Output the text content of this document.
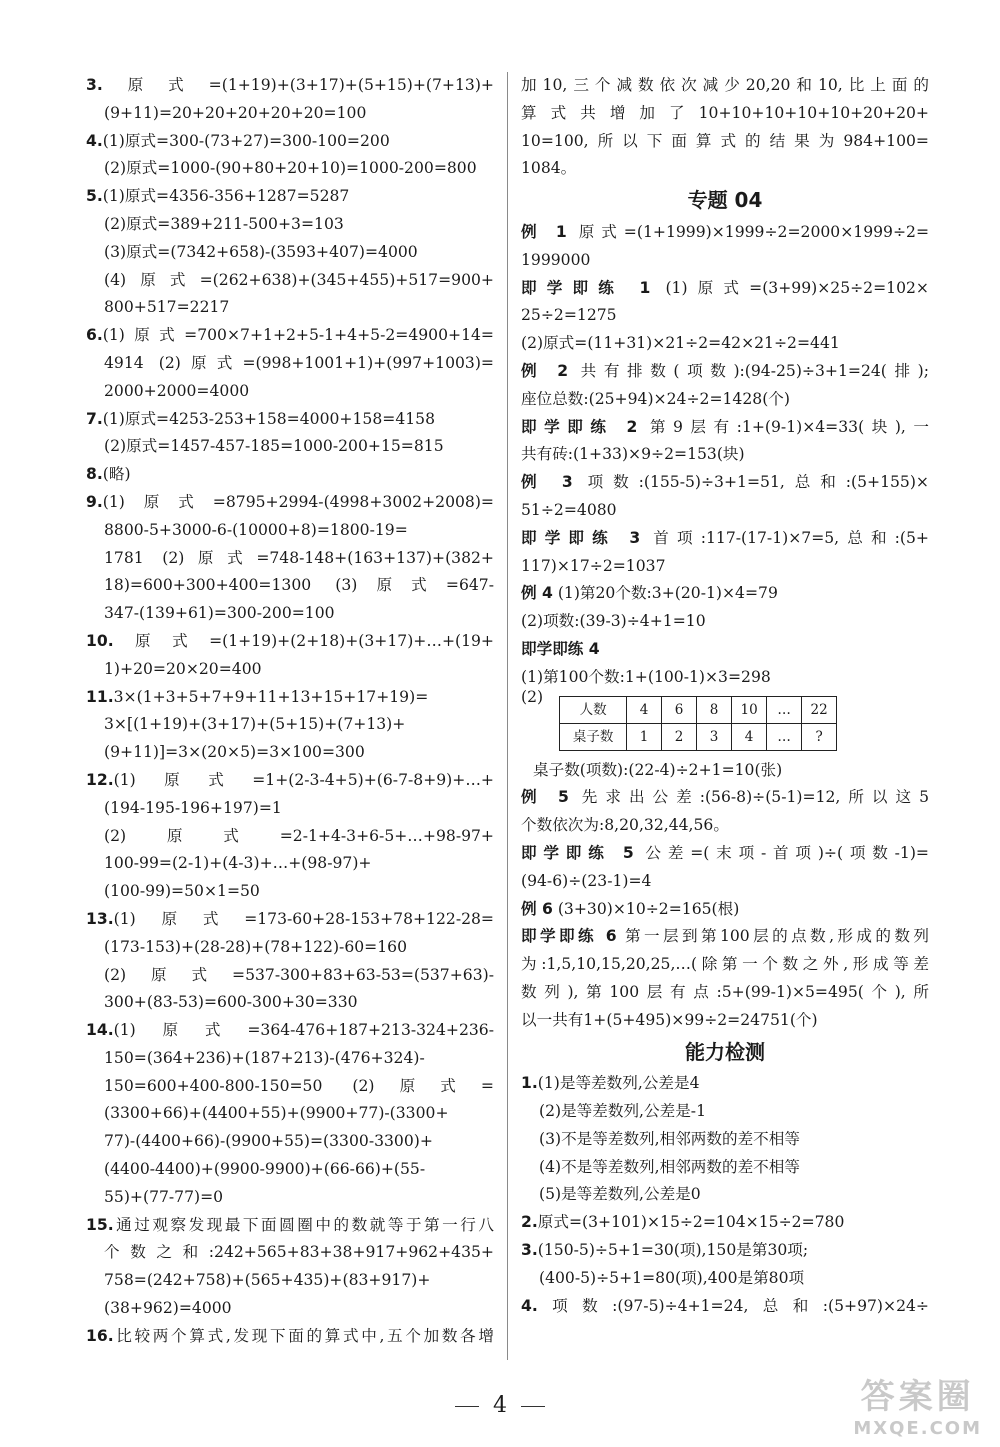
3.原式=(1+19)+(3+17)+(5+15)+(7+13)+
(9+11)=20+20+20+20+20=100
4.(1)原式=300-(73+27)=300-100=200
(2)原式=1000-(90+80+20+10)=1000-200=800
5.(1)原式=4356-356+1287=5287
(2)原式=389+211-500+3=103
(3)原式=(7342+658)-(3593+407)=4000
(4)原式=(262+638)+(345+455)+517=900+
800+517=2217
6.(1)原式=700×7+1+2+5-1+4+5-2=4900+14=
4914 (2)原式=(998+1001+1)+(997+1003)=
2000+2000=4000
7.(1)原式=4253-253+158=4000+158=4158
(2)原式=1457-457-185=1000-200+15=815
8.(略)
9.(1)原式=8795+2994-(4998+3002+2008)=
8800-5+3000-6-(10000+8)=1800-19=
1781 (2)原式=748-148+(163+137)+(382+
18)=600+300+400=1300 (3)原式=647-
347-(139+61)=300-200=100
10.原式=(1+19)+(2+18)+(3+17)+…+(19+
1)+20=20×20=400
11.3×(1+3+5+7+9+11+13+15+17+19)=
3×[(1+19)+(3+17)+(5+15)+(7+13)+
(9+11)]=3×(20×5)=3×100=300
12.(1)原式=1+(2-3-4+5)+(6-7-8+9)+…+
(194-195-196+197)=1
(2)原式=2-1+4-3+6-5+…+98-97+
100-99=(2-1)+(4-3)+…+(98-97)+
(100-99)=50×1=50
13.(1)原式=173-60+28-153+78+122-28=
(173-153)+(28-28)+(78+122)-60=160
(2)原式=537-300+83+63-53=(537+63)-
300+(83-53)=600-300+30=330
14.(1)原式=364-476+187+213-324+236-
150=(364+236)+(187+213)-(476+324)-
150=600+400-800-150=50 (2)原式=
(3300+66)+(4400+55)+(9900+77)-(3300+
77)-(4400+66)-(9900+55)=(3300-3300)+
(4400-4400)+(9900-9900)+(66-66)+(55-
55)+(77-77)=0
15.通过观察发现最下面圆圈中的数就等于第一行八
个数之和:242+565+83+38+917+962+435+
758=(242+758)+(565+435)+(83+917)+
(38+962)=4000
16.比较两个算式,发现下面的算式中,五个加数各增
加10,三个减数依次减少20,20和10,比上面的
算式共增加了10+10+10+10+10+20+20+
10=100,所以下面算式的结果为984+100=
1084。
专题 04
例 1 原式=(1+1999)×1999÷2=2000×1999÷2=
1999000
即学即练 1 (1)原式=(3+99)×25÷2=102×
25÷2=1275
(2)原式=(11+31)×21÷2=42×21÷2=441
例 2 共有排数(项数):(94-25)÷3+1=24(排);
座位总数:(25+94)×24÷2=1428(个)
即学即练 2 第9层有:1+(9-1)×4=33(块),一
共有砖:(1+33)×9÷2=153(块)
例 3 项数:(155-5)÷3+1=51,总和:(5+155)×
51÷2=4080
即学即练 3 首项:117-(17-1)×7=5,总和:(5+
117)×17÷2=1037
例 4 (1)第20个数:3+(20-1)×4=79
(2)项数:(39-3)÷4+1=10
即学即练 4
(1)第100个数:1+(100-1)×3=298
(2)
人数	4	6	8	10	…	22
桌子数	1	2	3	4	…	?
桌子数(项数):(22-4)÷2+1=10(张)
例 5 先求出公差:(56-8)÷(5-1)=12,所以这5
个数依次为:8,20,32,44,56。
即学即练 5 公差=(末项-首项)÷(项数-1)=
(94-6)÷(23-1)=4
例 6 (3+30)×10÷2=165(根)
即学即练 6 第一层到第100层的点数,形成的数列
为:1,5,10,15,20,25,…(除第一个数之外,形成等差
数列),第100层有点:5+(99-1)×5=495(个),所
以一共有1+(5+495)×99÷2=24751(个)
能力检测
1.(1)是等差数列,公差是4
(2)是等差数列,公差是-1
(3)不是等差数列,相邻两数的差不相等
(4)不是等差数列,相邻两数的差不相等
(5)是等差数列,公差是0
2.原式=(3+101)×15÷2=104×15÷2=780
3.(150-5)÷5+1=30(项),150是第30项;
(400-5)÷5+1=80(项),400是第80项
4.项数:(97-5)÷4+1=24,总和:(5+97)×24÷
4	答案圈
MXQE.COM
